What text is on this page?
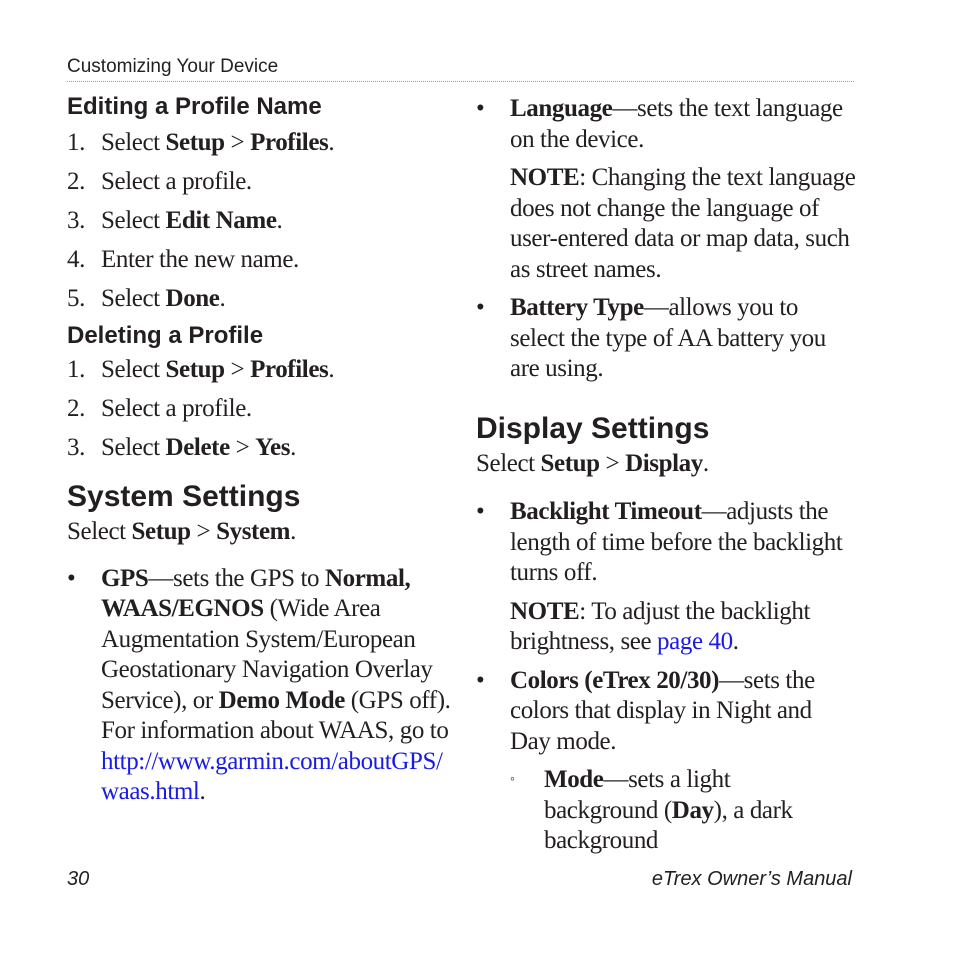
Customizing Your Device
Editing a Profile Name
1. Select Setup > Profiles.
2. Select a profile.
3. Select Edit Name.
4. Enter the new name.
5. Select Done.
Deleting a Profile
1. Select Setup > Profiles.
2. Select a profile.
3. Select Delete > Yes.
System Settings
Select Setup > System.
•	GPS—sets the GPS to Normal, WAAS/EGNOS (Wide Area Augmentation System/European Geostationary Navigation Overlay Service), or Demo Mode (GPS off). For information about WAAS, go to http://www.garmin.com/aboutGPS/waas.html.
•	Language—sets the text language on the device.
NOTE: Changing the text language does not change the language of user-entered data or map data, such as street names.
•	Battery Type—allows you to select the type of AA battery you are using.
Display Settings
Select Setup > Display.
•	Backlight Timeout—adjusts the length of time before the backlight turns off.
NOTE: To adjust the backlight brightness, see page 40.
•	Colors (eTrex 20/30)—sets the colors that display in Night and Day mode.
◦	Mode—sets a light background (Day), a dark background
30	eTrex Owner’s Manual
